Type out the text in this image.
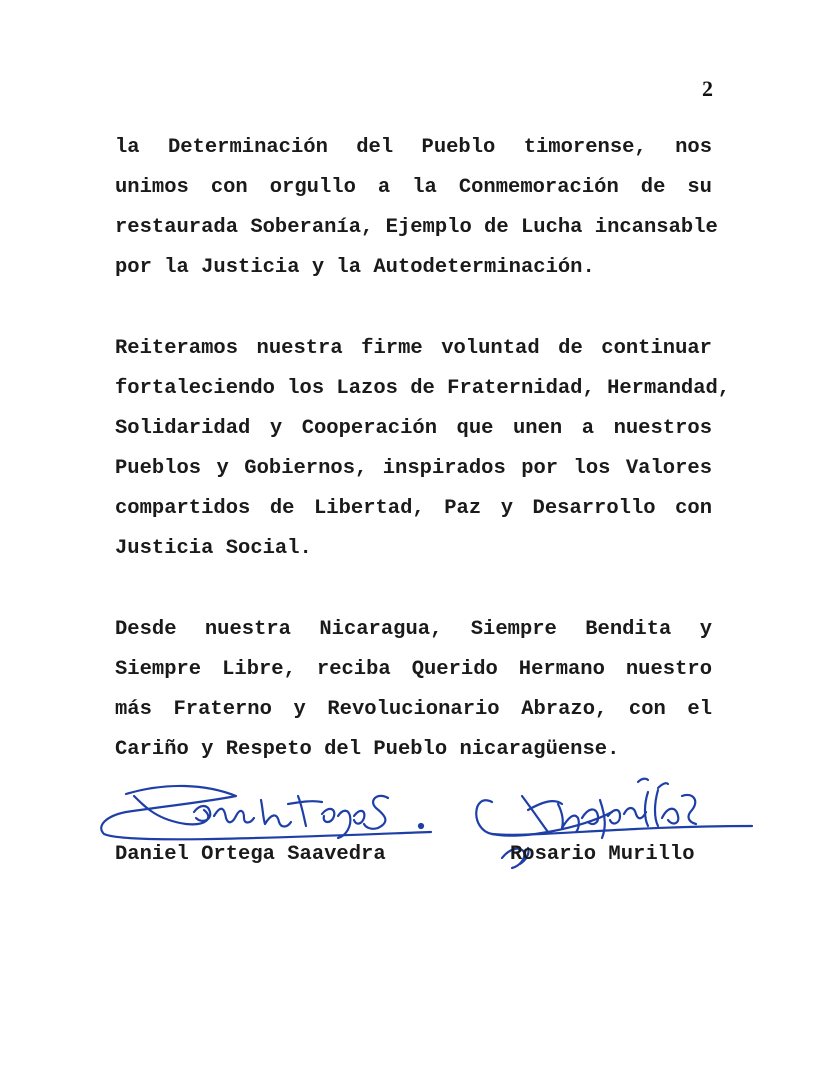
2
la Determinación del Pueblo timorense, nos
unimos con orgullo a la Conmemoración de su
restaurada Soberanía, Ejemplo de Lucha incansable
por la Justicia y la Autodeterminación.
Reiteramos nuestra firme voluntad de continuar
fortaleciendo los Lazos de Fraternidad, Hermandad,
Solidaridad y Cooperación que unen a nuestros
Pueblos y Gobiernos, inspirados por los Valores
compartidos de Libertad, Paz y Desarrollo con
Justicia Social.
Desde nuestra Nicaragua, Siempre Bendita y
Siempre Libre, reciba Querido Hermano nuestro
más Fraterno y Revolucionario Abrazo, con el
Cariño y Respeto del Pueblo nicaragüense.
Daniel Ortega Saavedra	Rosario Murillo
